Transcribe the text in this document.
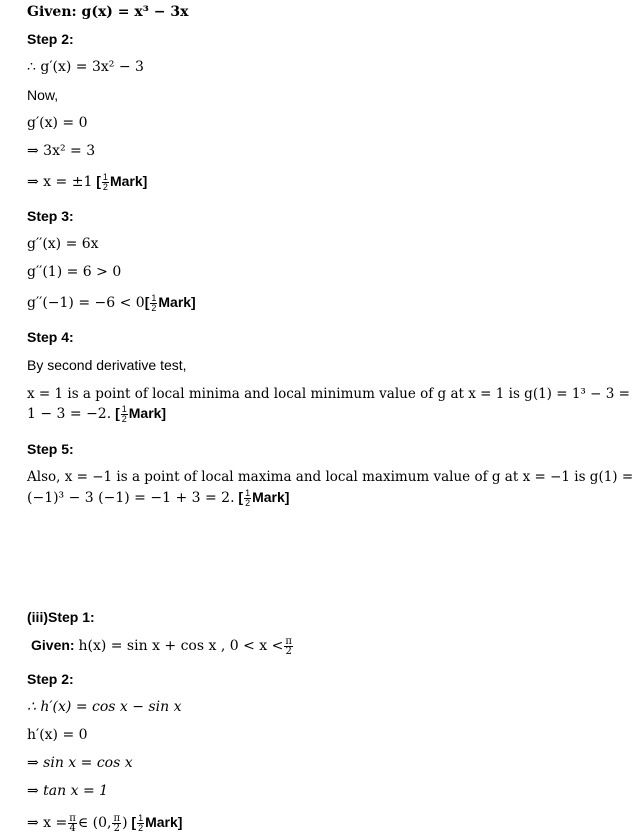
Given: g(x) = x³ − 3x
Step 2:
∴ g′(x) = 3x² − 3
Now,
g′(x) = 0
⇒ 3x² = 3
⇒ x = ±1 [ $\frac{1}{2}$ Mark]
Step 3:
g′′(x) = 6x
g′′(1) = 6 > 0
$g''(-1) = -6 < 0[ \frac{1}{2}$ Mark]
Step 4:
By second derivative test,
x = 1 is a point of local minima and local minimum value of g at x = 1 is g(1) = 1³ − 3 =
1 − 3 = −2. [ $\frac{1}{2}$ Mark]
Step 5:
Also, x = −1 is a point of local maxima and local maximum value of g at x = −1 is g(1) =
(−1)³ − 3 (−1) = −1 + 3 = 2. [ $\frac{1}{2}$ Mark]
(iii)Step 1:
Given: h(x) = sin x + cos x , $0 < x < \frac{\pi}{2}$
Step 2:
∴ h′(x) = cos x − sin x
h′(x) = 0
⇒ sin x = cos x
⇒ tan x = 1
⇒ $x = \frac{\pi}{4}$ ∈ (0, $\frac{\pi}{2}$ ) [ $\frac{1}{2}$ Mark]
